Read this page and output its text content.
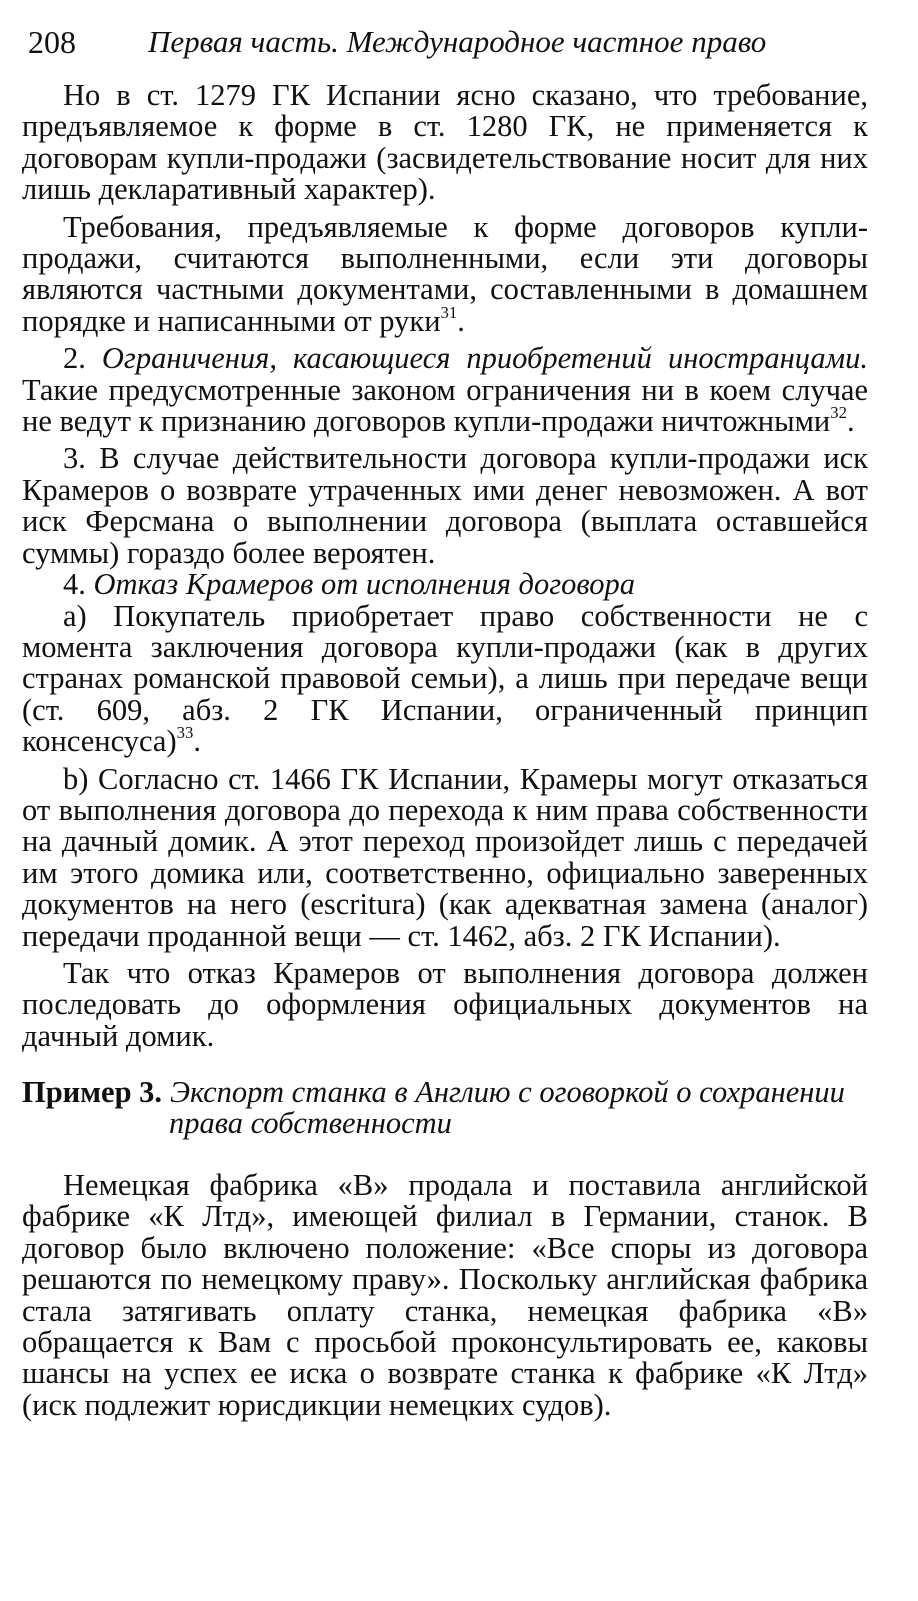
208 Первая часть. Международное частное право

Но в ст. 1279 ГК Испании ясно сказано, что требование, предъявляемое к форме в ст. 1280 ГК, не применяется к договорам купли-продажи (засвидетельствование носит для них лишь декларативный характер).

Требования, предъявляемые к форме договоров купли-продажи, считаются выполненными, если эти договоры являются частными документами, составленными в домашнем порядке и написанными от руки$^{31}$.

2. Ограничения, касающиеся приобретений иностранцами. Такие предусмотренные законом ограничения ни в коем случае не ведут к признанию договоров купли-продажи ничтожными$^{32}$.

3. В случае действительности договора купли-продажи иск Крамеров о возврате утраченных ими денег невозможен. А вот иск Ферсмана о выполнении договора (выплата оставшейся суммы) гораздо более вероятен.

4. Отказ Крамеров от исполнения договора

а) Покупатель приобретает право собственности не с момента заключения договора купли-продажи (как в других странах романской правовой семьи), а лишь при передаче вещи (ст. 609, абз. 2 ГК Испании, ограниченный принцип консенсуса)$^{33}$.

b) Согласно ст. 1466 ГК Испании, Крамеры могут отказаться от выполнения договора до перехода к ним права собственности на дачный домик. А этот переход произойдет лишь с передачей им этого домика или, соответственно, официально заверенных документов на него (escritura) (как адекватная замена (аналог) передачи проданной вещи — ст. 1462, абз. 2 ГК Испании).

Так что отказ Крамеров от выполнения договора должен последовать до оформления официальных документов на дачный домик.

Пример 3. Экспорт станка в Англию с оговоркой о сохранении
права собственности

Немецкая фабрика «В» продала и поставила английской фабрике «К Лтд», имеющей филиал в Германии, станок. В договор было включено положение: «Все споры из договора решаются по немецкому праву». Поскольку английская фабрика стала затягивать оплату станка, немецкая фабрика «В» обращается к Вам с просьбой проконсультировать ее, каковы шансы на успех ее иска о возврате станка к фабрике «К Лтд» (иск подлежит юрисдикции немецких судов).
